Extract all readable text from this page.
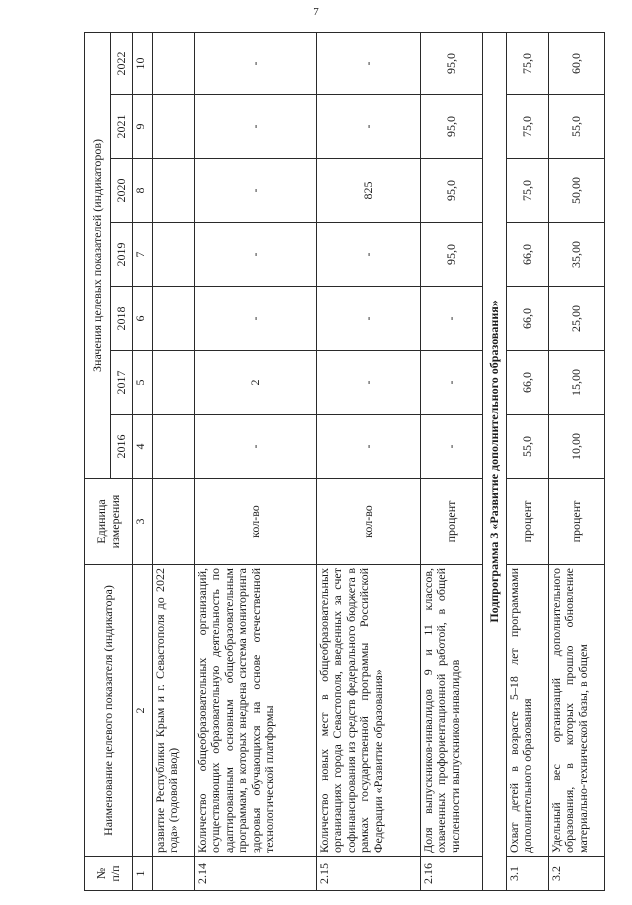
7
№
п/п	Наименование целевого показателя (индикатора)	Единица измерения	Значения целевых показателей (индикаторов)						
			2016	2017	2018	2019	2020	2021	2022
1	2	3	4	5	6	7	8	9	10
	развитие Республики Крым и г. Севастополя до 2022 года» (годовой ввод)								
2.14	Количество общеобразовательных организаций, осуществляющих образовательную деятельность по адаптированным основным общеобразовательным программам, в которых внедрена система мониторинга здоровья обучающихся на основе отечественной технологической платформы	кол-во	-	2	-	-	-	-	-
2.15	Количество новых мест в общеобразовательных организациях города Севастополя, введенных за счет софинансирования из средств федерального бюджета в рамках государственной программы Российской Федерации «Развитие образования»	кол-во	-	-	-	-	825	-	-
2.16	Доля выпускников-инвалидов 9 и 11 классов, охваченных профориентационной работой, в общей численности выпускников-инвалидов	процент	-	-	-	95,0	95,0	95,0	95,0
Подпрограмма 3 «Развитие дополнительного образования»									
3.1	Охват детей в возрасте 5–18 лет программами дополнительного образования	процент	55,0	66,0	66,0	66,0	75,0	75,0	75,0
3.2	Удельный вес организаций дополнительного образования, в которых прошло обновление материально-технической базы, в общем	процент	10,00	15,00	25,00	35,00	50,00	55,0	60,0
